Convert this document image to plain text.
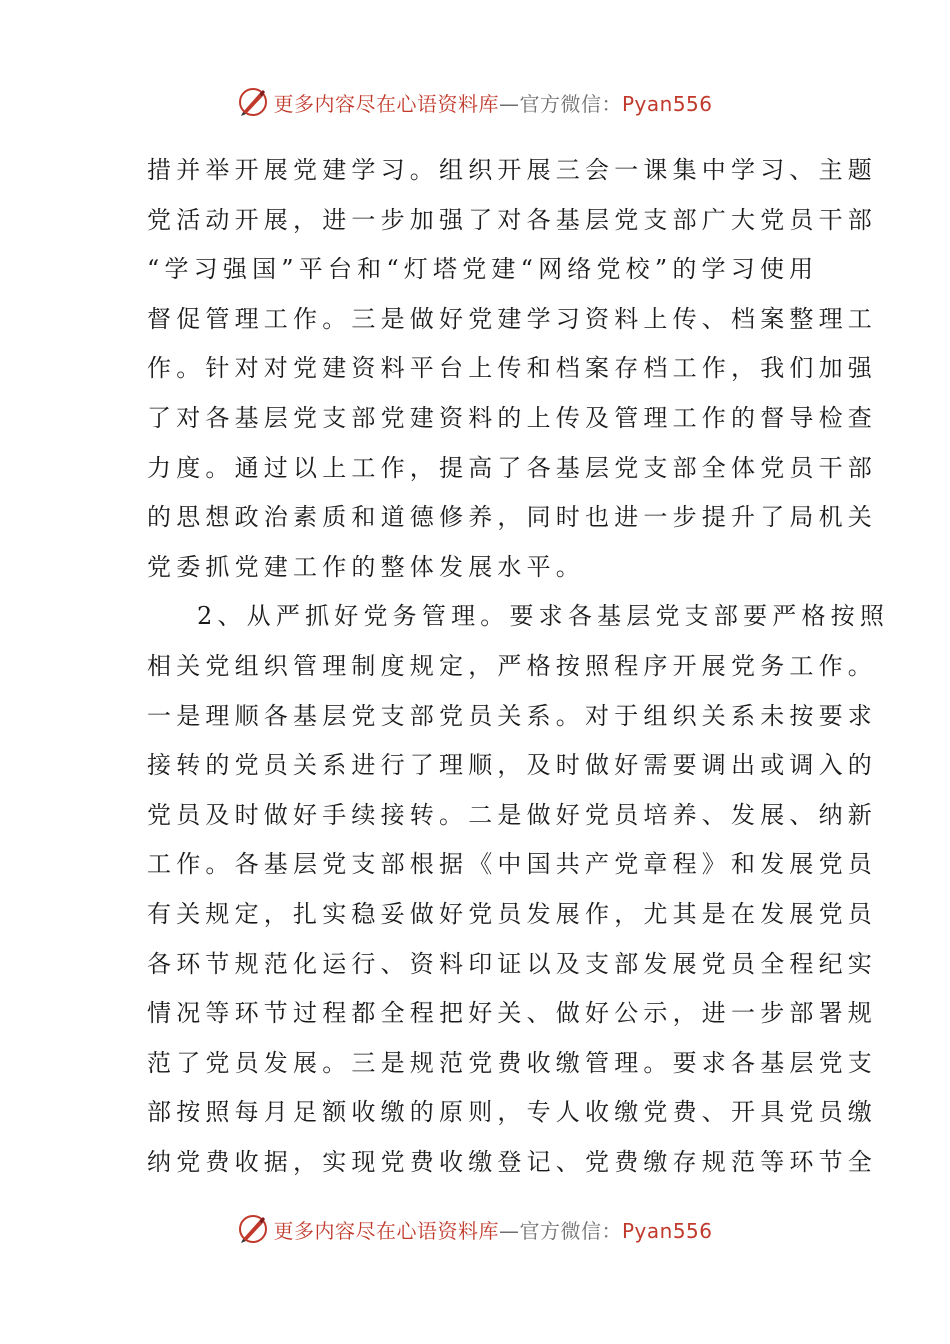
更多内容尽在心语资料库—官方微信：Pyan556
措并举开展党建学习。组织开展三会一课集中学习、主题
党活动开展，进一步加强了对各基层党支部广大党员干部
“学习强国”平台和“灯塔党建“网络党校”的学习使用
督促管理工作。三是做好党建学习资料上传、档案整理工
作。针对对党建资料平台上传和档案存档工作，我们加强
了对各基层党支部党建资料的上传及管理工作的督导检查
力度。通过以上工作，提高了各基层党支部全体党员干部
的思想政治素质和道德修养，同时也进一步提升了局机关
党委抓党建工作的整体发展水平。
2、从严抓好党务管理。要求各基层党支部要严格按照
相关党组织管理制度规定，严格按照程序开展党务工作。
一是理顺各基层党支部党员关系。对于组织关系未按要求
接转的党员关系进行了理顺，及时做好需要调出或调入的
党员及时做好手续接转。二是做好党员培养、发展、纳新
工作。各基层党支部根据《中国共产党章程》和发展党员
有关规定，扎实稳妥做好党员发展作，尤其是在发展党员
各环节规范化运行、资料印证以及支部发展党员全程纪实
情况等环节过程都全程把好关、做好公示，进一步部署规
范了党员发展。三是规范党费收缴管理。要求各基层党支
部按照每月足额收缴的原则，专人收缴党费、开具党员缴
纳党费收据，实现党费收缴登记、党费缴存规范等环节全
更多内容尽在心语资料库—官方微信：Pyan556
